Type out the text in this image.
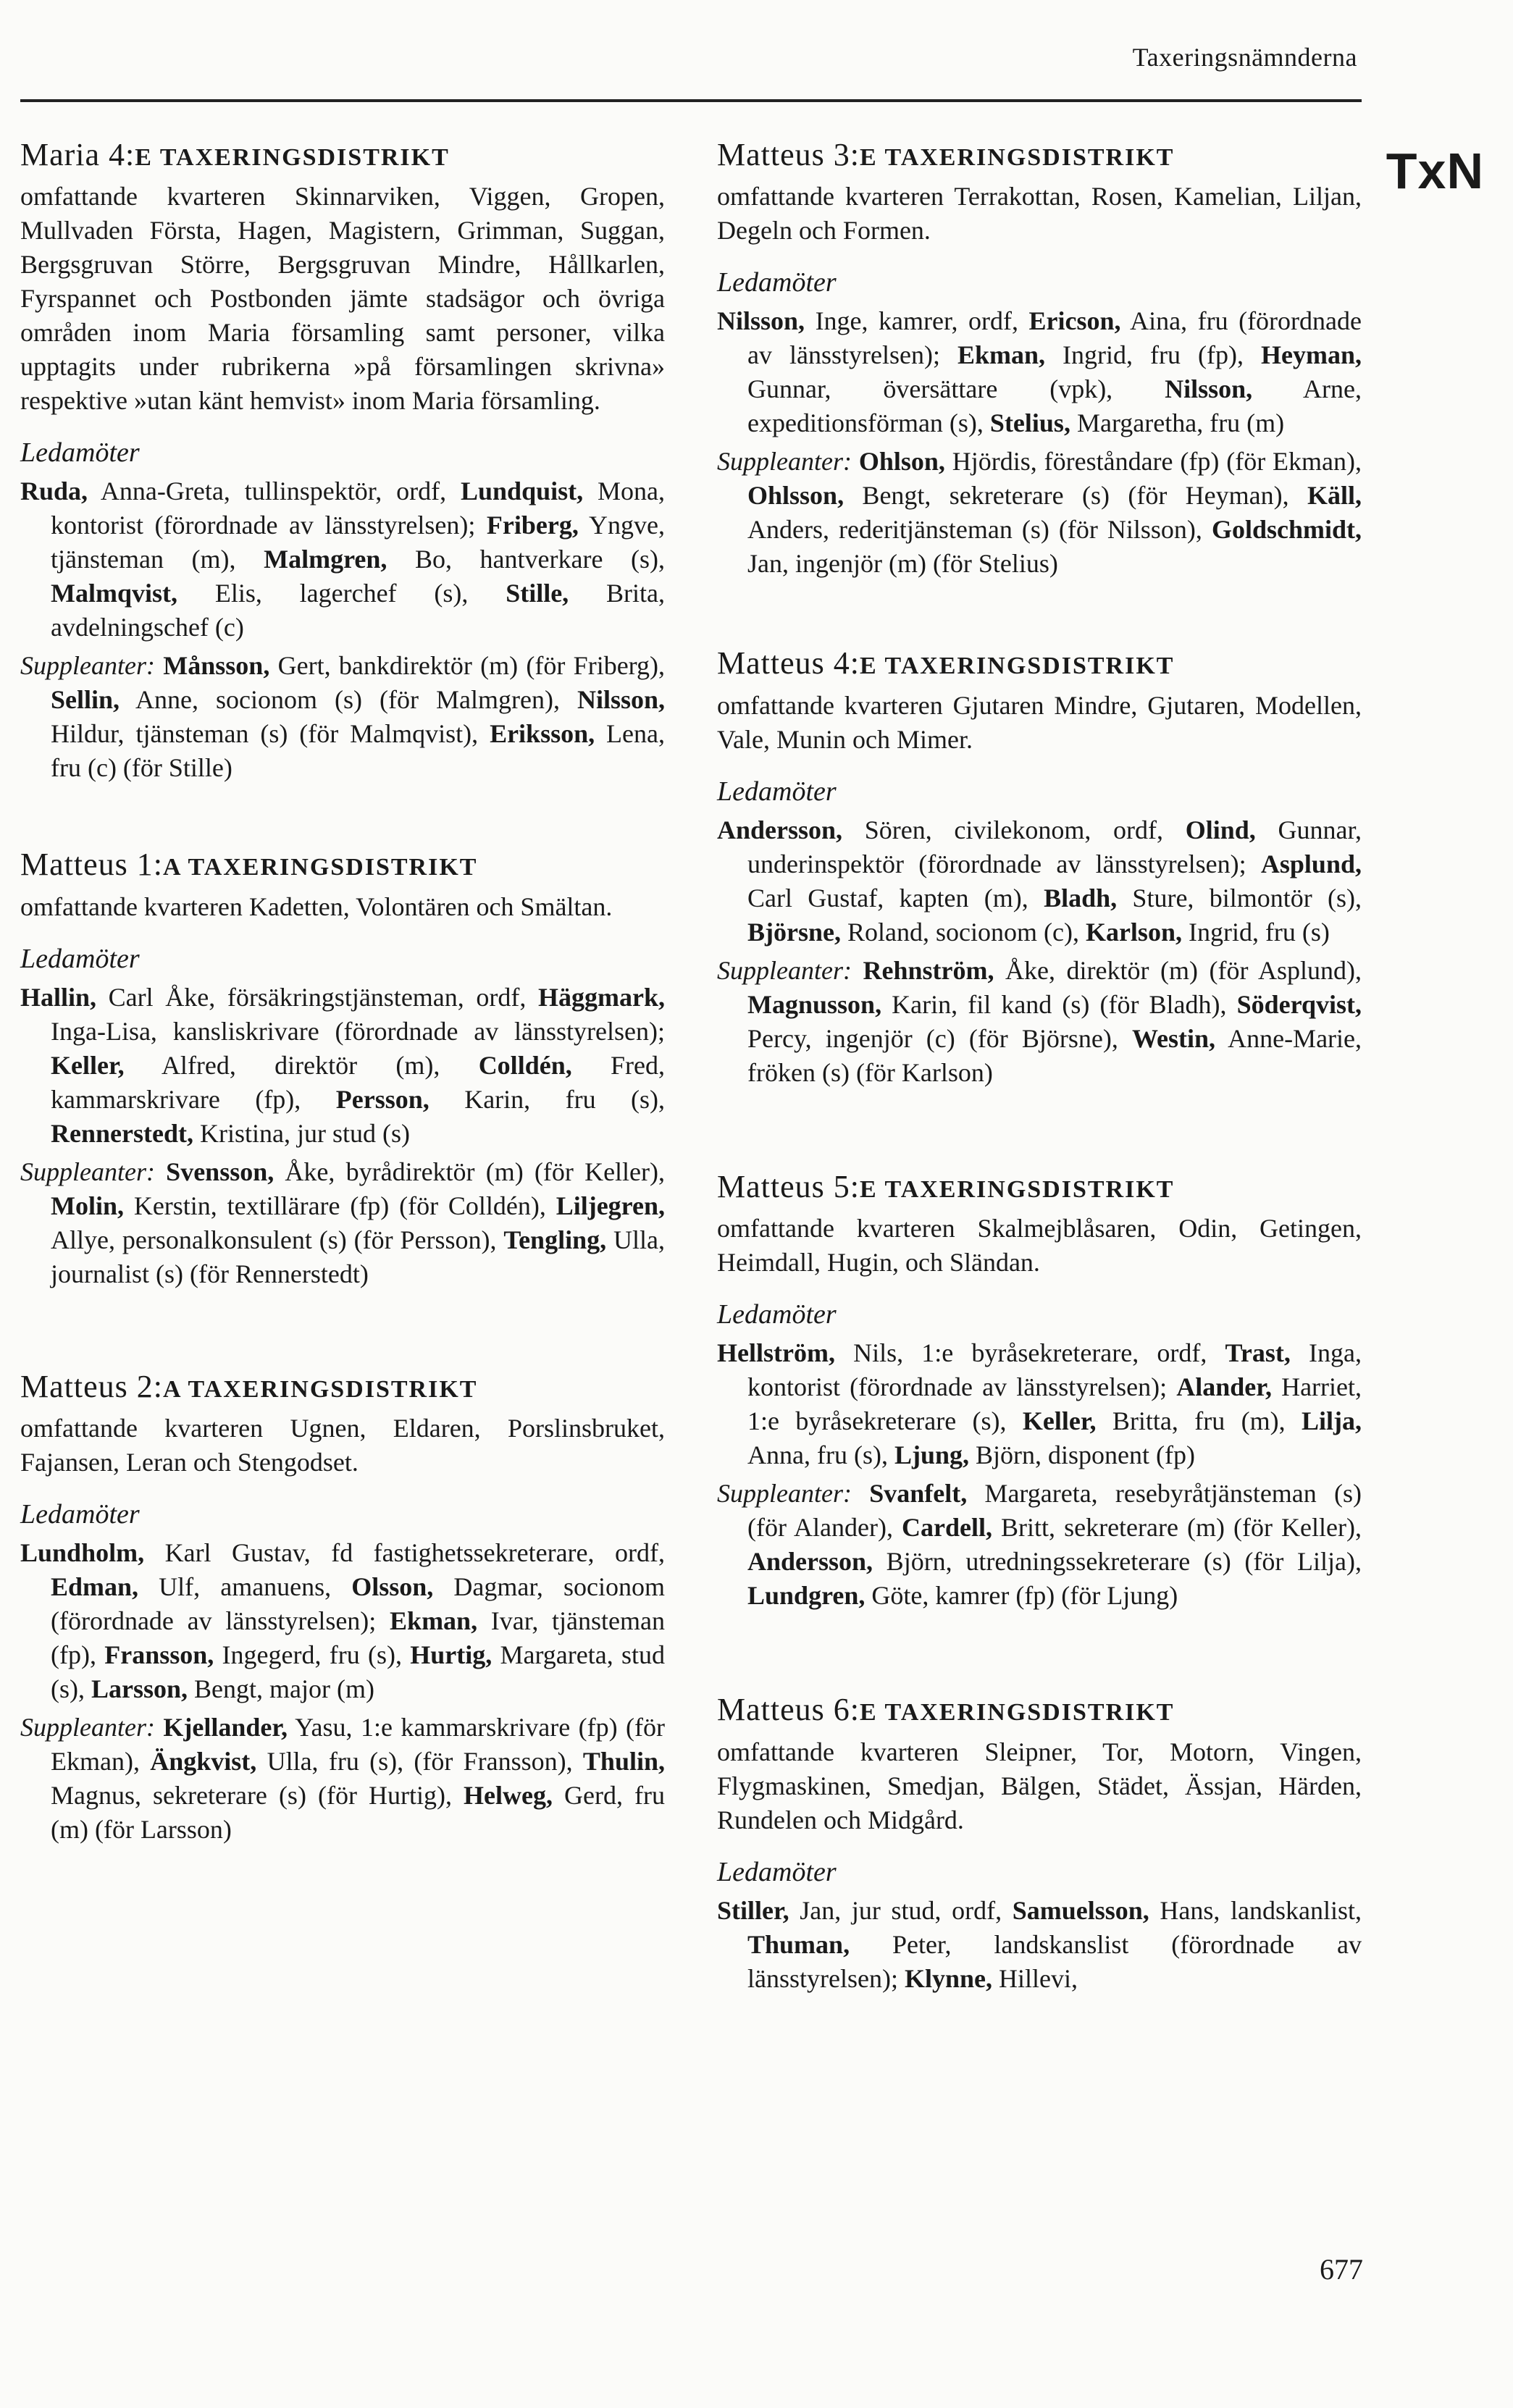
Taxeringsnämnderna
TxN
Maria 4:E TAXERINGSDISTRIKT

omfattande kvarteren Skinnarviken, Viggen, Gropen, Mullvaden Första, Hagen, Magistern, Grimman, Suggan, Bergsgruvan Större, Bergsgruvan Mindre, Hållkarlen, Fyrspannet och Postbonden jämte stadsägor och övriga områden inom Maria församling samt personer, vilka upptagits under rubrikerna »på församlingen skrivna» respektive »utan känt hemvist» inom Maria församling.

Ledamöter

Ruda, Anna-Greta, tullinspektör, ordf, Lundquist, Mona, kontorist (förordnade av länsstyrelsen); Friberg, Yngve, tjänsteman (m), Malmgren, Bo, hantverkare (s), Malmqvist, Elis, lagerchef (s), Stille, Brita, avdelningschef (c)

Suppleanter: Månsson, Gert, bankdirektör (m) (för Friberg), Sellin, Anne, socionom (s) (för Malmgren), Nilsson, Hildur, tjänsteman (s) (för Malmqvist), Eriksson, Lena, fru (c) (för Stille)

Matteus 1:A TAXERINGSDISTRIKT

omfattande kvarteren Kadetten, Volontären och Smältan.

Ledamöter

Hallin, Carl Åke, försäkringstjänsteman, ordf, Häggmark, Inga-Lisa, kansliskrivare (förordnade av länsstyrelsen); Keller, Alfred, direktör (m), Colldén, Fred, kammarskrivare (fp), Persson, Karin, fru (s), Rennerstedt, Kristina, jur stud (s)

Suppleanter: Svensson, Åke, byrådirektör (m) (för Keller), Molin, Kerstin, textillärare (fp) (för Colldén), Liljegren, Allye, personalkonsulent (s) (för Persson), Tengling, Ulla, journalist (s) (för Rennerstedt)

Matteus 2:A TAXERINGSDISTRIKT

omfattande kvarteren Ugnen, Eldaren, Porslinsbruket, Fajansen, Leran och Stengodset.

Ledamöter

Lundholm, Karl Gustav, fd fastighetssekreterare, ordf, Edman, Ulf, amanuens, Olsson, Dagmar, socionom (förordnade av länsstyrelsen); Ekman, Ivar, tjänsteman (fp), Fransson, Ingegerd, fru (s), Hurtig, Margareta, stud (s), Larsson, Bengt, major (m)

Suppleanter: Kjellander, Yasu, 1:e kammarskrivare (fp) (för Ekman), Ängkvist, Ulla, fru (s), (för Fransson), Thulin, Magnus, sekreterare (s) (för Hurtig), Helweg, Gerd, fru (m) (för Larsson)

Matteus 3:E TAXERINGSDISTRIKT

omfattande kvarteren Terrakottan, Rosen, Kamelian, Liljan, Degeln och Formen.

Ledamöter

Nilsson, Inge, kamrer, ordf, Ericson, Aina, fru (förordnade av länsstyrelsen); Ekman, Ingrid, fru (fp), Heyman, Gunnar, översättare (vpk), Nilsson, Arne, expeditionsförman (s), Stelius, Margaretha, fru (m)

Suppleanter: Ohlson, Hjördis, föreståndare (fp) (för Ekman), Ohlsson, Bengt, sekreterare (s) (för Heyman), Käll, Anders, rederitjänsteman (s) (för Nilsson), Goldschmidt, Jan, ingenjör (m) (för Stelius)

Matteus 4:E TAXERINGSDISTRIKT

omfattande kvarteren Gjutaren Mindre, Gjutaren, Modellen, Vale, Munin och Mimer.

Ledamöter

Andersson, Sören, civilekonom, ordf, Olind, Gunnar, underinspektör (förordnade av länsstyrelsen); Asplund, Carl Gustaf, kapten (m), Bladh, Sture, bilmontör (s), Björsne, Roland, socionom (c), Karlson, Ingrid, fru (s)

Suppleanter: Rehnström, Åke, direktör (m) (för Asplund), Magnusson, Karin, fil kand (s) (för Bladh), Söderqvist, Percy, ingenjör (c) (för Björsne), Westin, Anne-Marie, fröken (s) (för Karlson)

Matteus 5:E TAXERINGSDISTRIKT

omfattande kvarteren Skalmejblåsaren, Odin, Getingen, Heimdall, Hugin, och Sländan.

Ledamöter

Hellström, Nils, 1:e byråsekreterare, ordf, Trast, Inga, kontorist (förordnade av länsstyrelsen); Alander, Harriet, 1:e byråsekreterare (s), Keller, Britta, fru (m), Lilja, Anna, fru (s), Ljung, Björn, disponent (fp)

Suppleanter: Svanfelt, Margareta, resebyråtjänsteman (s) (för Alander), Cardell, Britt, sekreterare (m) (för Keller), Andersson, Björn, utredningssekreterare (s) (för Lilja), Lundgren, Göte, kamrer (fp) (för Ljung)

Matteus 6:E TAXERINGSDISTRIKT

omfattande kvarteren Sleipner, Tor, Motorn, Vingen, Flygmaskinen, Smedjan, Bälgen, Städet, Ässjan, Härden, Rundelen och Midgård.

Ledamöter

Stiller, Jan, jur stud, ordf, Samuelsson, Hans, landskanlist, Thuman, Peter, landskanslist (förordnade av länsstyrelsen); Klynne, Hillevi,

677
